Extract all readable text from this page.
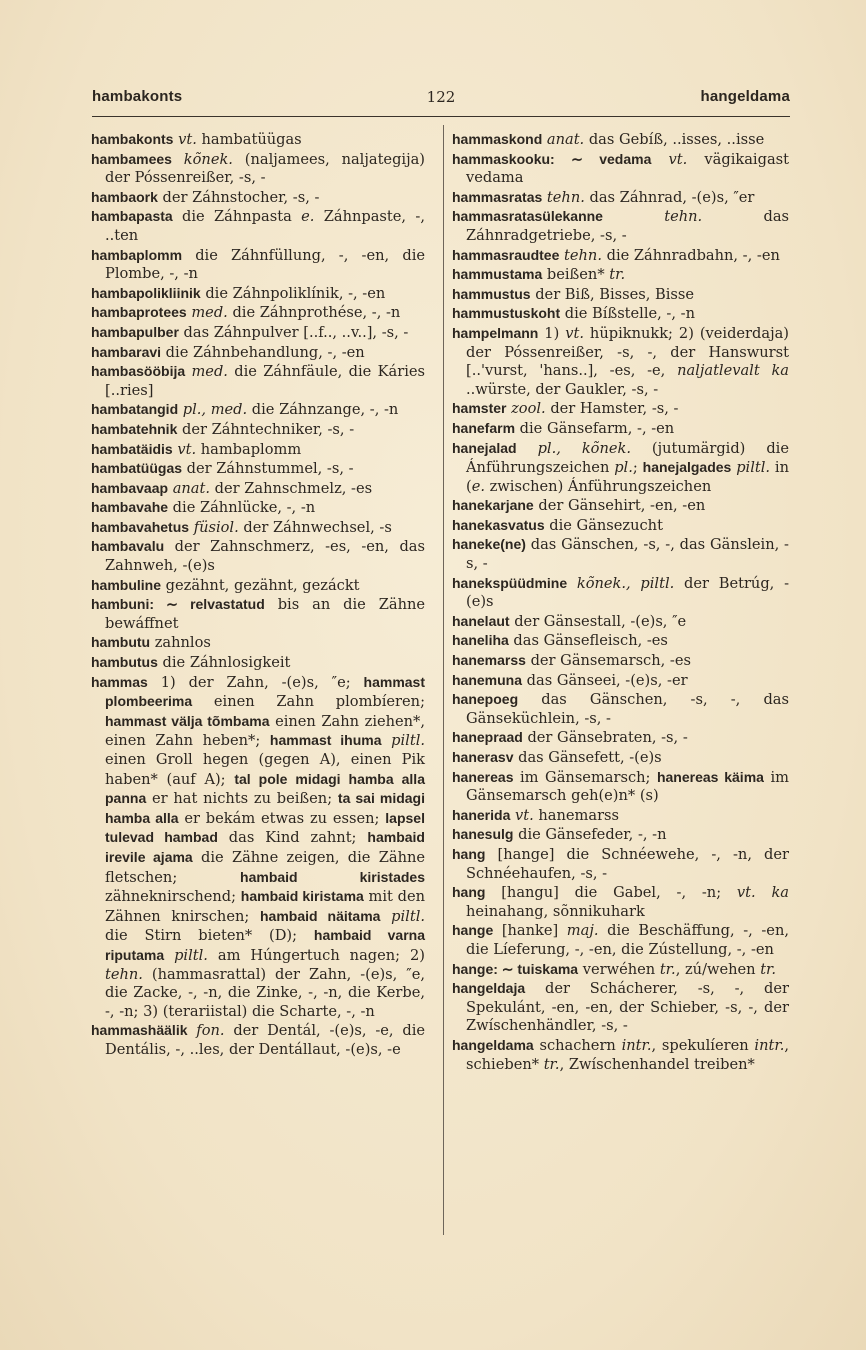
hambakonts	122	hangeldama

hambakonts vt. hambatüügas

hambamees kõnek. (naljamees, naljategija) der Póssenreißer, -s, -

hambaork der Záhnstocher, -s, -

hambapasta die Záhnpasta e. Záhnpaste, -, ..ten

hambaplomm die Záhnfüllung, -, -en, die Plombe, -, -n

hambapolikliinik die Záhnpoliklínik, -, -en

hambaprotees med. die Záhnprothése, -, -n

hambapulber das Záhnpulver [..f.., ..v..], -s, -

hambaravi die Záhnbehandlung, -, -en

hambasööbija med. die Záhnfäule, die Káries [..ries]

hambatangid pl., med. die Záhnzange, -, -n

hambatehnik der Záhntechniker, -s, -

hambatäidis vt. hambaplomm

hambatüügas der Záhnstummel, -s, -

hambavaap anat. der Zahnschmelz, -es

hambavahe die Záhnlücke, -, -n

hambavahetus füsiol. der Záhnwechsel, -s

hambavalu der Zahnschmerz, -es, -en, das Zahnweh, -(e)s

hambuline gezähnt, gezähnt, gezáckt

hambuni: ∼ relvastatud bis an die Zähne bewáffnet

hambutu zahnlos

hambutus die Záhnlosigkeit

hammas 1) der Zahn, -(e)s, ″e; hammast plombeerima einen Zahn plombíeren; hammast välja tõmbama einen Zahn ziehen*, einen Zahn heben*; hammast ihuma piltl. einen Groll hegen (gegen A), einen Pik haben* (auf A); tal pole midagi hamba alla panna er hat nichts zu beißen; ta sai midagi hamba alla er bekám etwas zu essen; lapsel tulevad hambad das Kind zahnt; hambaid irevile ajama die Zähne zeigen, die Zähne fletschen; hambaid kiristades zähneknirschend; hambaid kiristama mit den Zähnen knirschen; hambaid näitama piltl. die Stirn bieten* (D); hambaid varna riputama piltl. am Húngertuch nagen; 2) tehn. (hammasrattal) der Zahn, -(e)s, ″e, die Zacke, -, -n, die Zinke, -, -n, die Kerbe, -, -n; 3) (terariistal) die Scharte, -, -n

hammashäälik fon. der Dentál, -(e)s, -e, die Dentális, -, ..les, der Dentállaut, -(e)s, -e

hammaskond anat. das Gebíß, ..isses, ..isse

hammaskooku: ∼ vedama vt. vägikaigast vedama

hammasratas tehn. das Záhnrad, -(e)s, ″er

hammasratasülekanne	tehn. das Záhnradgetriebe, -s, -

hammasraudtee tehn. die Záhnradbahn, -, -en

hammustama beißen* tr.

hammustus der Biß, Bisses, Bisse

hammustuskoht die Bíßstelle, -, -n

hampelmann 1) vt. hüpiknukk; 2) (veiderdaja) der Póssenreißer, -s, -, der Hanswurst [..'vurst, 'hans..], -es, -e, naljatlevalt ka ..würste, der Gaukler, -s, -

hamster zool. der Hamster, -s, -

hanefarm die Gänsefarm, -, -en

hanejalad pl., kõnek. (jutumärgid) die Ánführungszeichen pl.; hanejalgades piltl. in (e. zwischen) Ánführungszeichen

hanekarjane der Gänsehirt, -en, -en

hanekasvatus die Gänsezucht

haneke(ne) das Gänschen, -s, -, das Gänslein, -s, -

hanekspüüdmine kõnek., piltl. der Betrúg, -(e)s

hanelaut der Gänsestall, -(e)s, ″e

haneliha das Gänsefleisch, -es

hanemarss der Gänsemarsch, -es

hanemuna das Gänseei, -(e)s, -er

hanepoeg das Gänschen, -s, -, das Gänseküchlein, -s, -

hanepraad der Gänsebraten, -s, -

hanerasv das Gänsefett, -(e)s

hanereas im Gänsemarsch; hanereas käima im Gänsemarsch geh(e)n* (s)

hanerida vt. hanemarss

hanesulg die Gänsefeder, -, -n

hang [hange] die Schnéewehe, -, -n, der Schnéehaufen, -s, -

hang [hangu] die Gabel, -, -n; vt. ka heinahang, sõnnikuhark

hange [hanke] maj. die Beschäffung, -, -en, die Líeferung, -, -en, die Zústellung, -, -en

hange: ∼ tuiskama verwéhen tr., zú/wehen tr.

hangeldaja der Schácherer, -s, -, der Spekulánt, -en, -en, der Schieber, -s, -, der Zwíschenhändler, -s, -

hangeldama schachern intr., spekulíeren intr., schieben* tr., Zwíschenhandel treiben*
